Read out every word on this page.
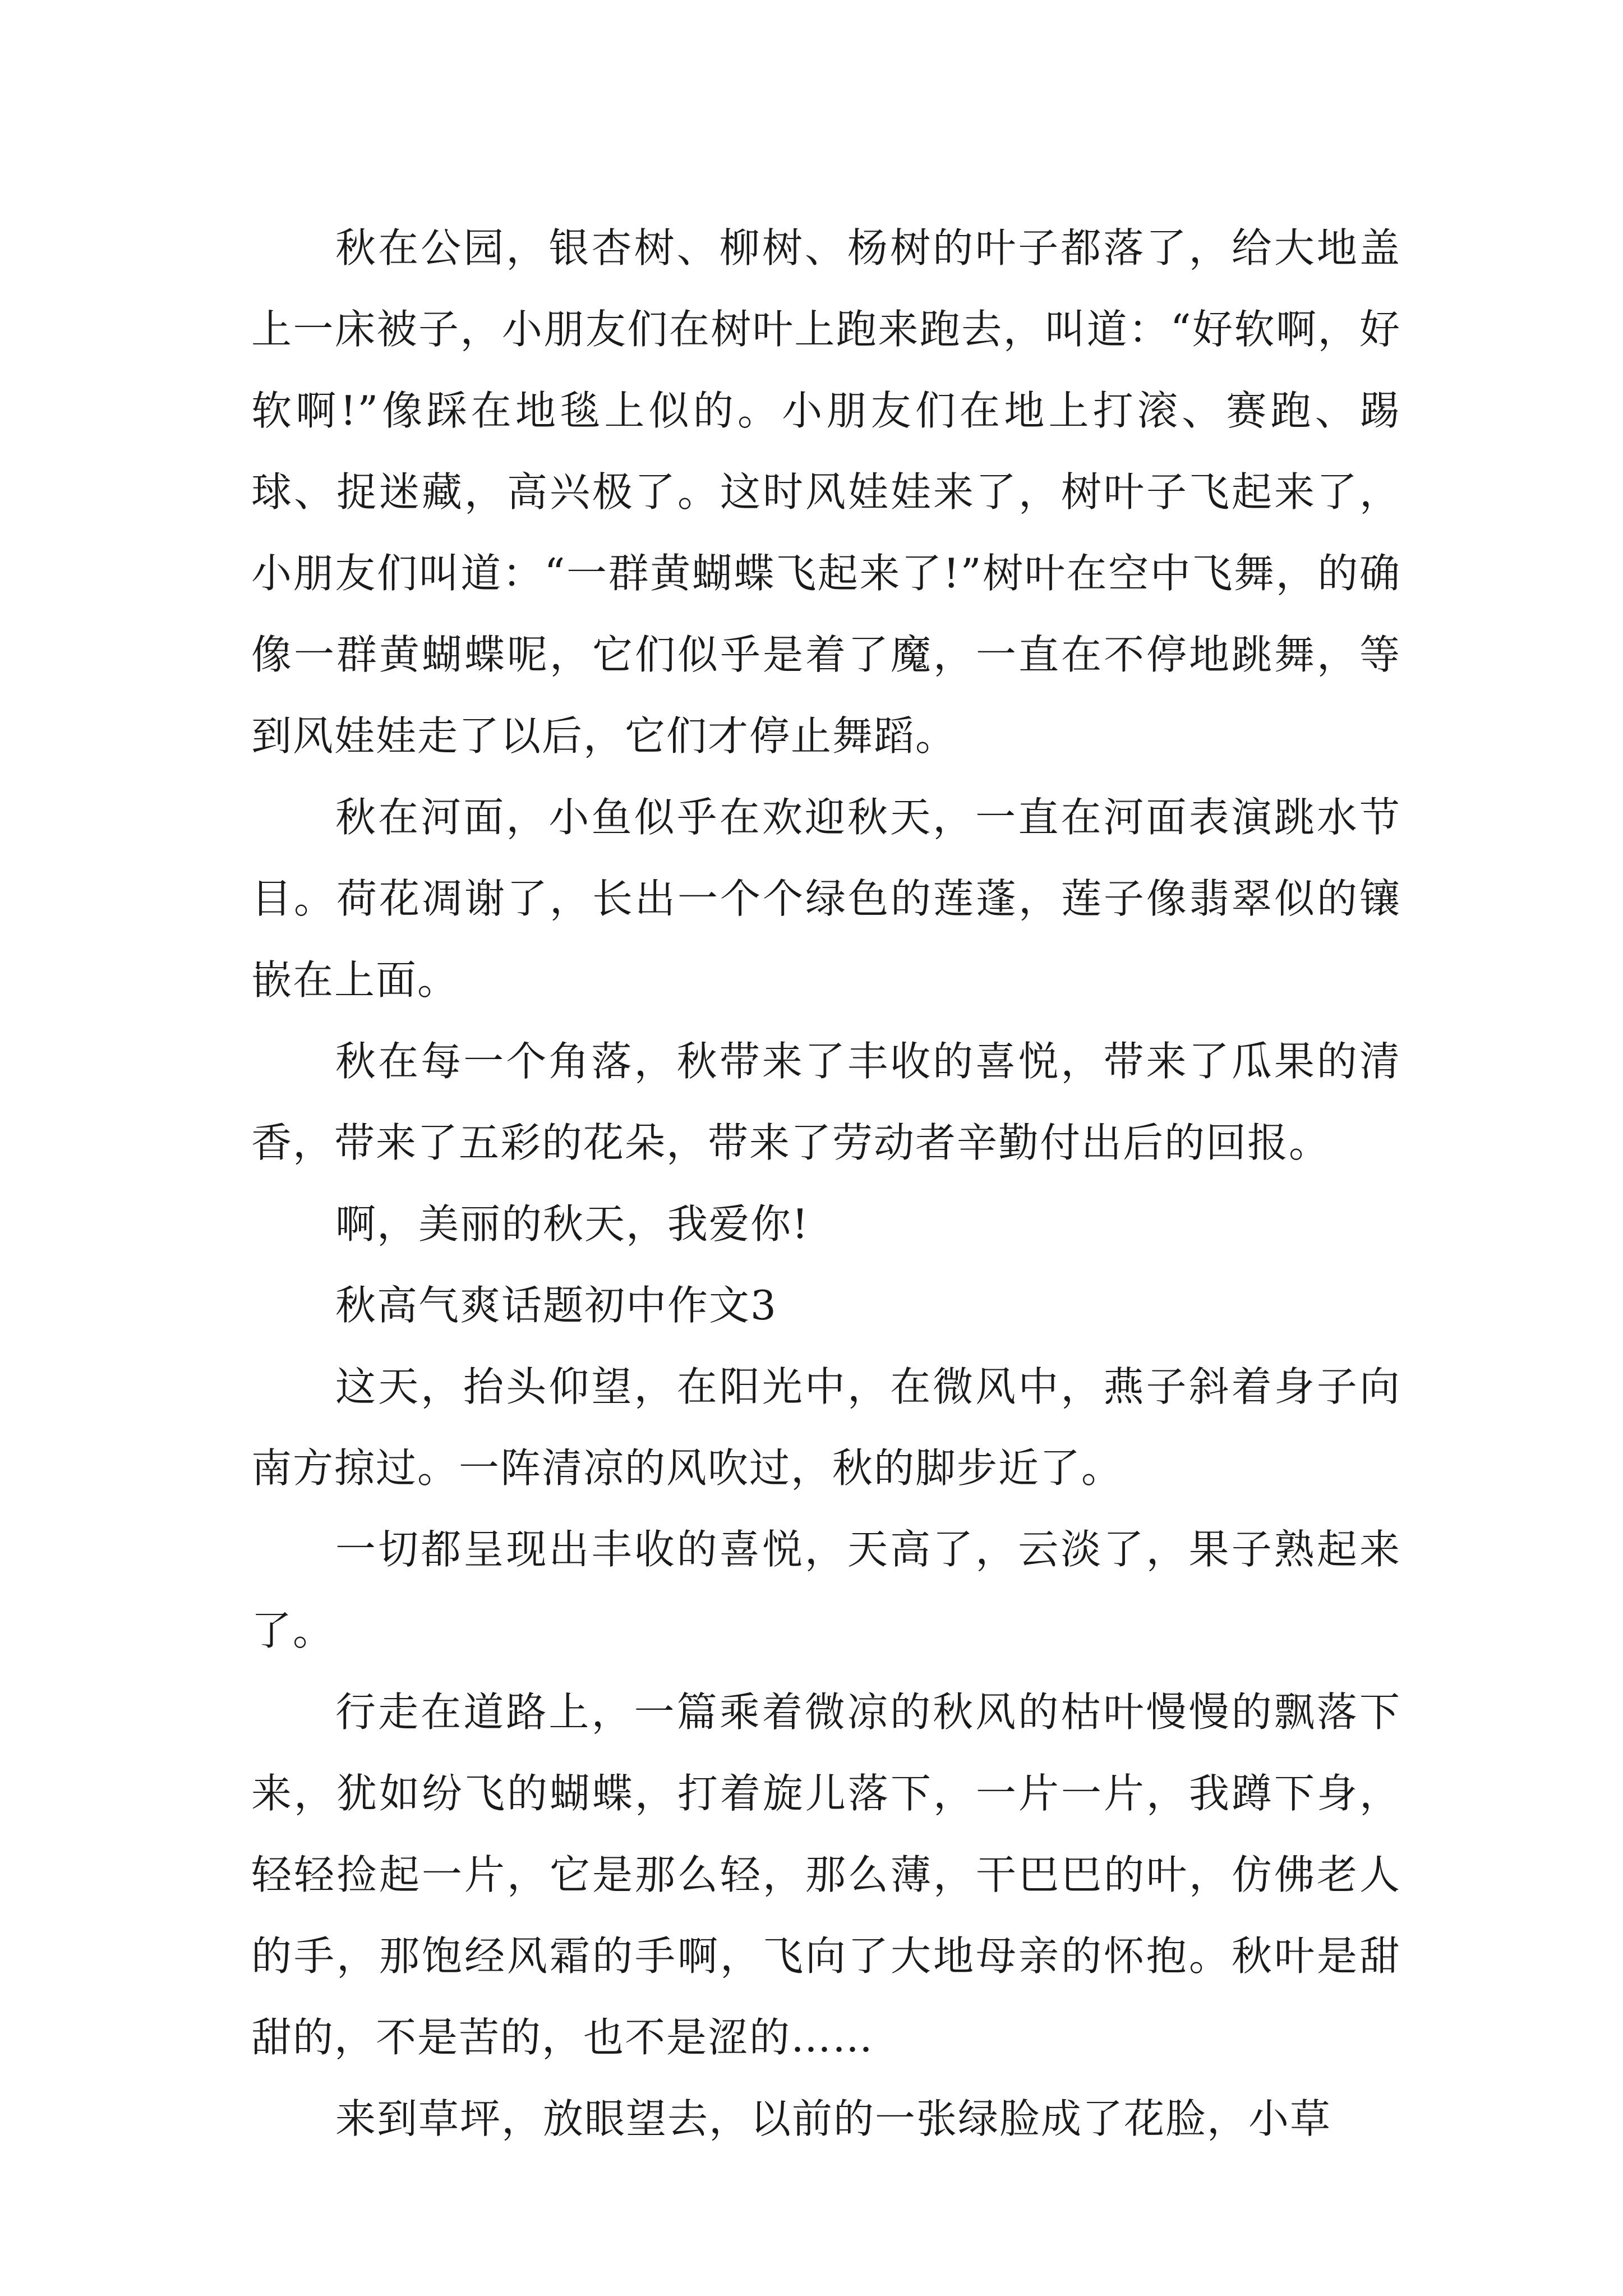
秋在公园，银杏树、柳树、杨树的叶子都落了，给大地盖上一床被子，小朋友们在树叶上跑来跑去，叫道：“好软啊，好软啊!”像踩在地毯上似的。小朋友们在地上打滚、赛跑、踢球、捉迷藏，高兴极了。这时风娃娃来了，树叶子飞起来了，小朋友们叫道：“一群黄蝴蝶飞起来了!”树叶在空中飞舞，的确像一群黄蝴蝶呢，它们似乎是着了魔，一直在不停地跳舞，等到风娃娃走了以后，它们才停止舞蹈。

秋在河面，小鱼似乎在欢迎秋天，一直在河面表演跳水节目。荷花凋谢了，长出一个个绿色的莲蓬，莲子像翡翠似的镶嵌在上面。

秋在每一个角落，秋带来了丰收的喜悦，带来了瓜果的清香，带来了五彩的花朵，带来了劳动者辛勤付出后的回报。

啊，美丽的秋天，我爱你!

秋高气爽话题初中作文3

这天，抬头仰望，在阳光中，在微风中，燕子斜着身子向南方掠过。一阵清凉的风吹过，秋的脚步近了。

一切都呈现出丰收的喜悦，天高了，云淡了，果子熟起来了。

行走在道路上，一篇乘着微凉的秋风的枯叶慢慢的飘落下来，犹如纷飞的蝴蝶，打着旋儿落下，一片一片，我蹲下身，轻轻捡起一片，它是那么轻，那么薄，干巴巴的叶，仿佛老人的手，那饱经风霜的手啊，飞向了大地母亲的怀抱。秋叶是甜甜的，不是苦的，也不是涩的……

来到草坪，放眼望去，以前的一张绿脸成了花脸，小草
